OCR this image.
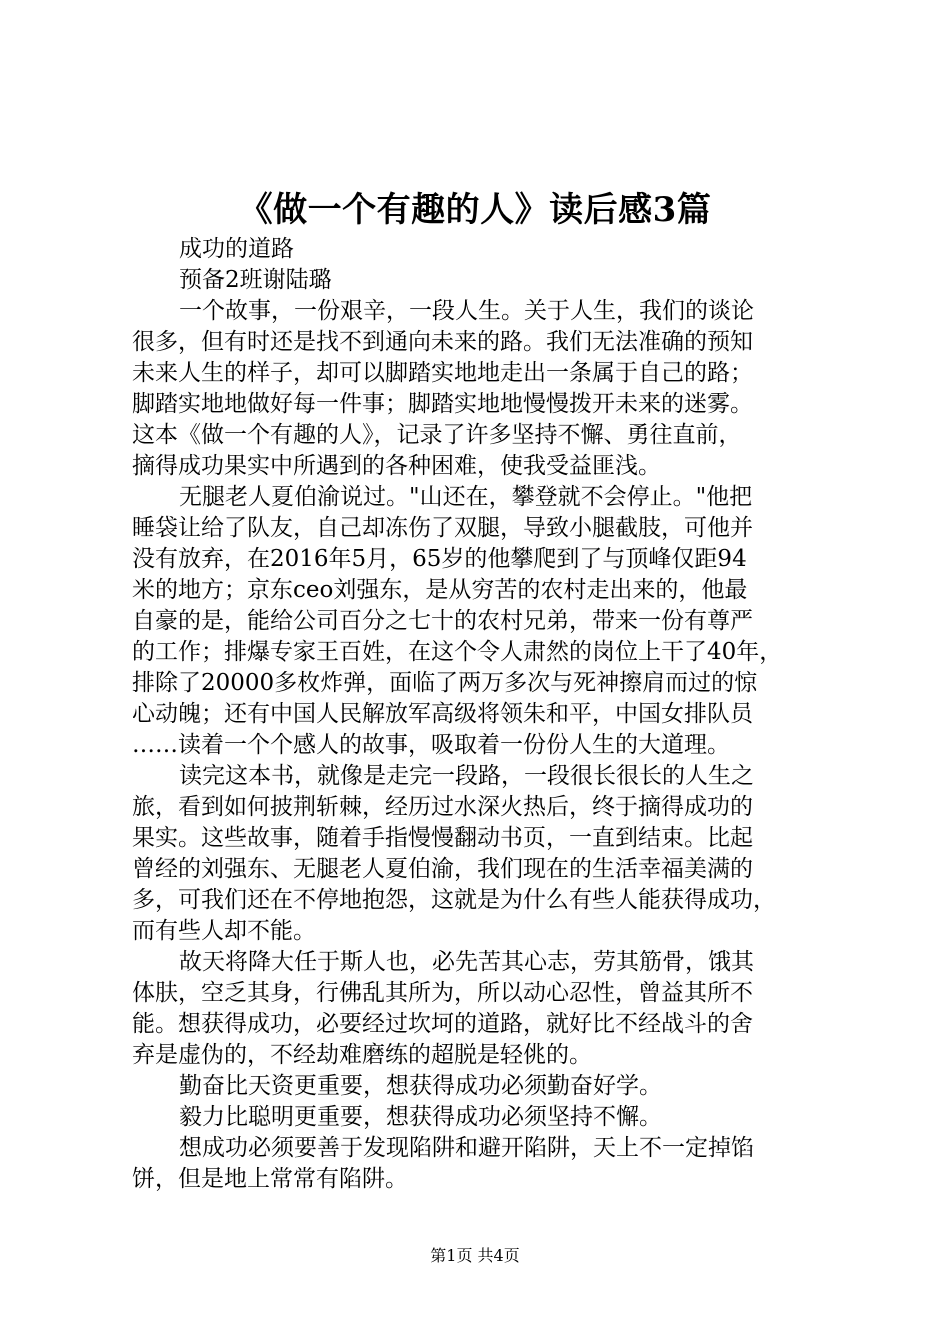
《做一个有趣的人》读后感3篇
成功的道路
预备2班谢陆璐
一个故事，一份艰辛，一段人生。关于人生，我们的谈论
很多，但有时还是找不到通向未来的路。我们无法准确的预知
未来人生的样子，却可以脚踏实地地走出一条属于自己的路；
脚踏实地地做好每一件事；脚踏实地地慢慢拨开未来的迷雾。
这本《做一个有趣的人》，记录了许多坚持不懈、勇往直前，
摘得成功果实中所遇到的各种困难，使我受益匪浅。
无腿老人夏伯渝说过。"山还在，攀登就不会停止。"他把
睡袋让给了队友，自己却冻伤了双腿，导致小腿截肢，可他并
没有放弃，在2016年5月，65岁的他攀爬到了与顶峰仅距94
米的地方；京东ceo刘强东，是从穷苦的农村走出来的，他最
自豪的是，能给公司百分之七十的农村兄弟，带来一份有尊严
的工作；排爆专家王百姓，在这个令人肃然的岗位上干了40年，
排除了20000多枚炸弹，面临了两万多次与死神擦肩而过的惊
心动魄；还有中国人民解放军高级将领朱和平，中国女排队员
……读着一个个感人的故事，吸取着一份份人生的大道理。
读完这本书，就像是走完一段路，一段很长很长的人生之
旅，看到如何披荆斩棘，经历过水深火热后，终于摘得成功的
果实。这些故事，随着手指慢慢翻动书页，一直到结束。比起
曾经的刘强东、无腿老人夏伯渝，我们现在的生活幸福美满的
多，可我们还在不停地抱怨，这就是为什么有些人能获得成功，
而有些人却不能。
故天将降大任于斯人也，必先苦其心志，劳其筋骨，饿其
体肤，空乏其身，行佛乱其所为，所以动心忍性，曾益其所不
能。想获得成功，必要经过坎坷的道路，就好比不经战斗的舍
弃是虚伪的，不经劫难磨练的超脱是轻佻的。
勤奋比天资更重要，想获得成功必须勤奋好学。
毅力比聪明更重要，想获得成功必须坚持不懈。
想成功必须要善于发现陷阱和避开陷阱，天上不一定掉馅
饼，但是地上常常有陷阱。
第1页 共4页
